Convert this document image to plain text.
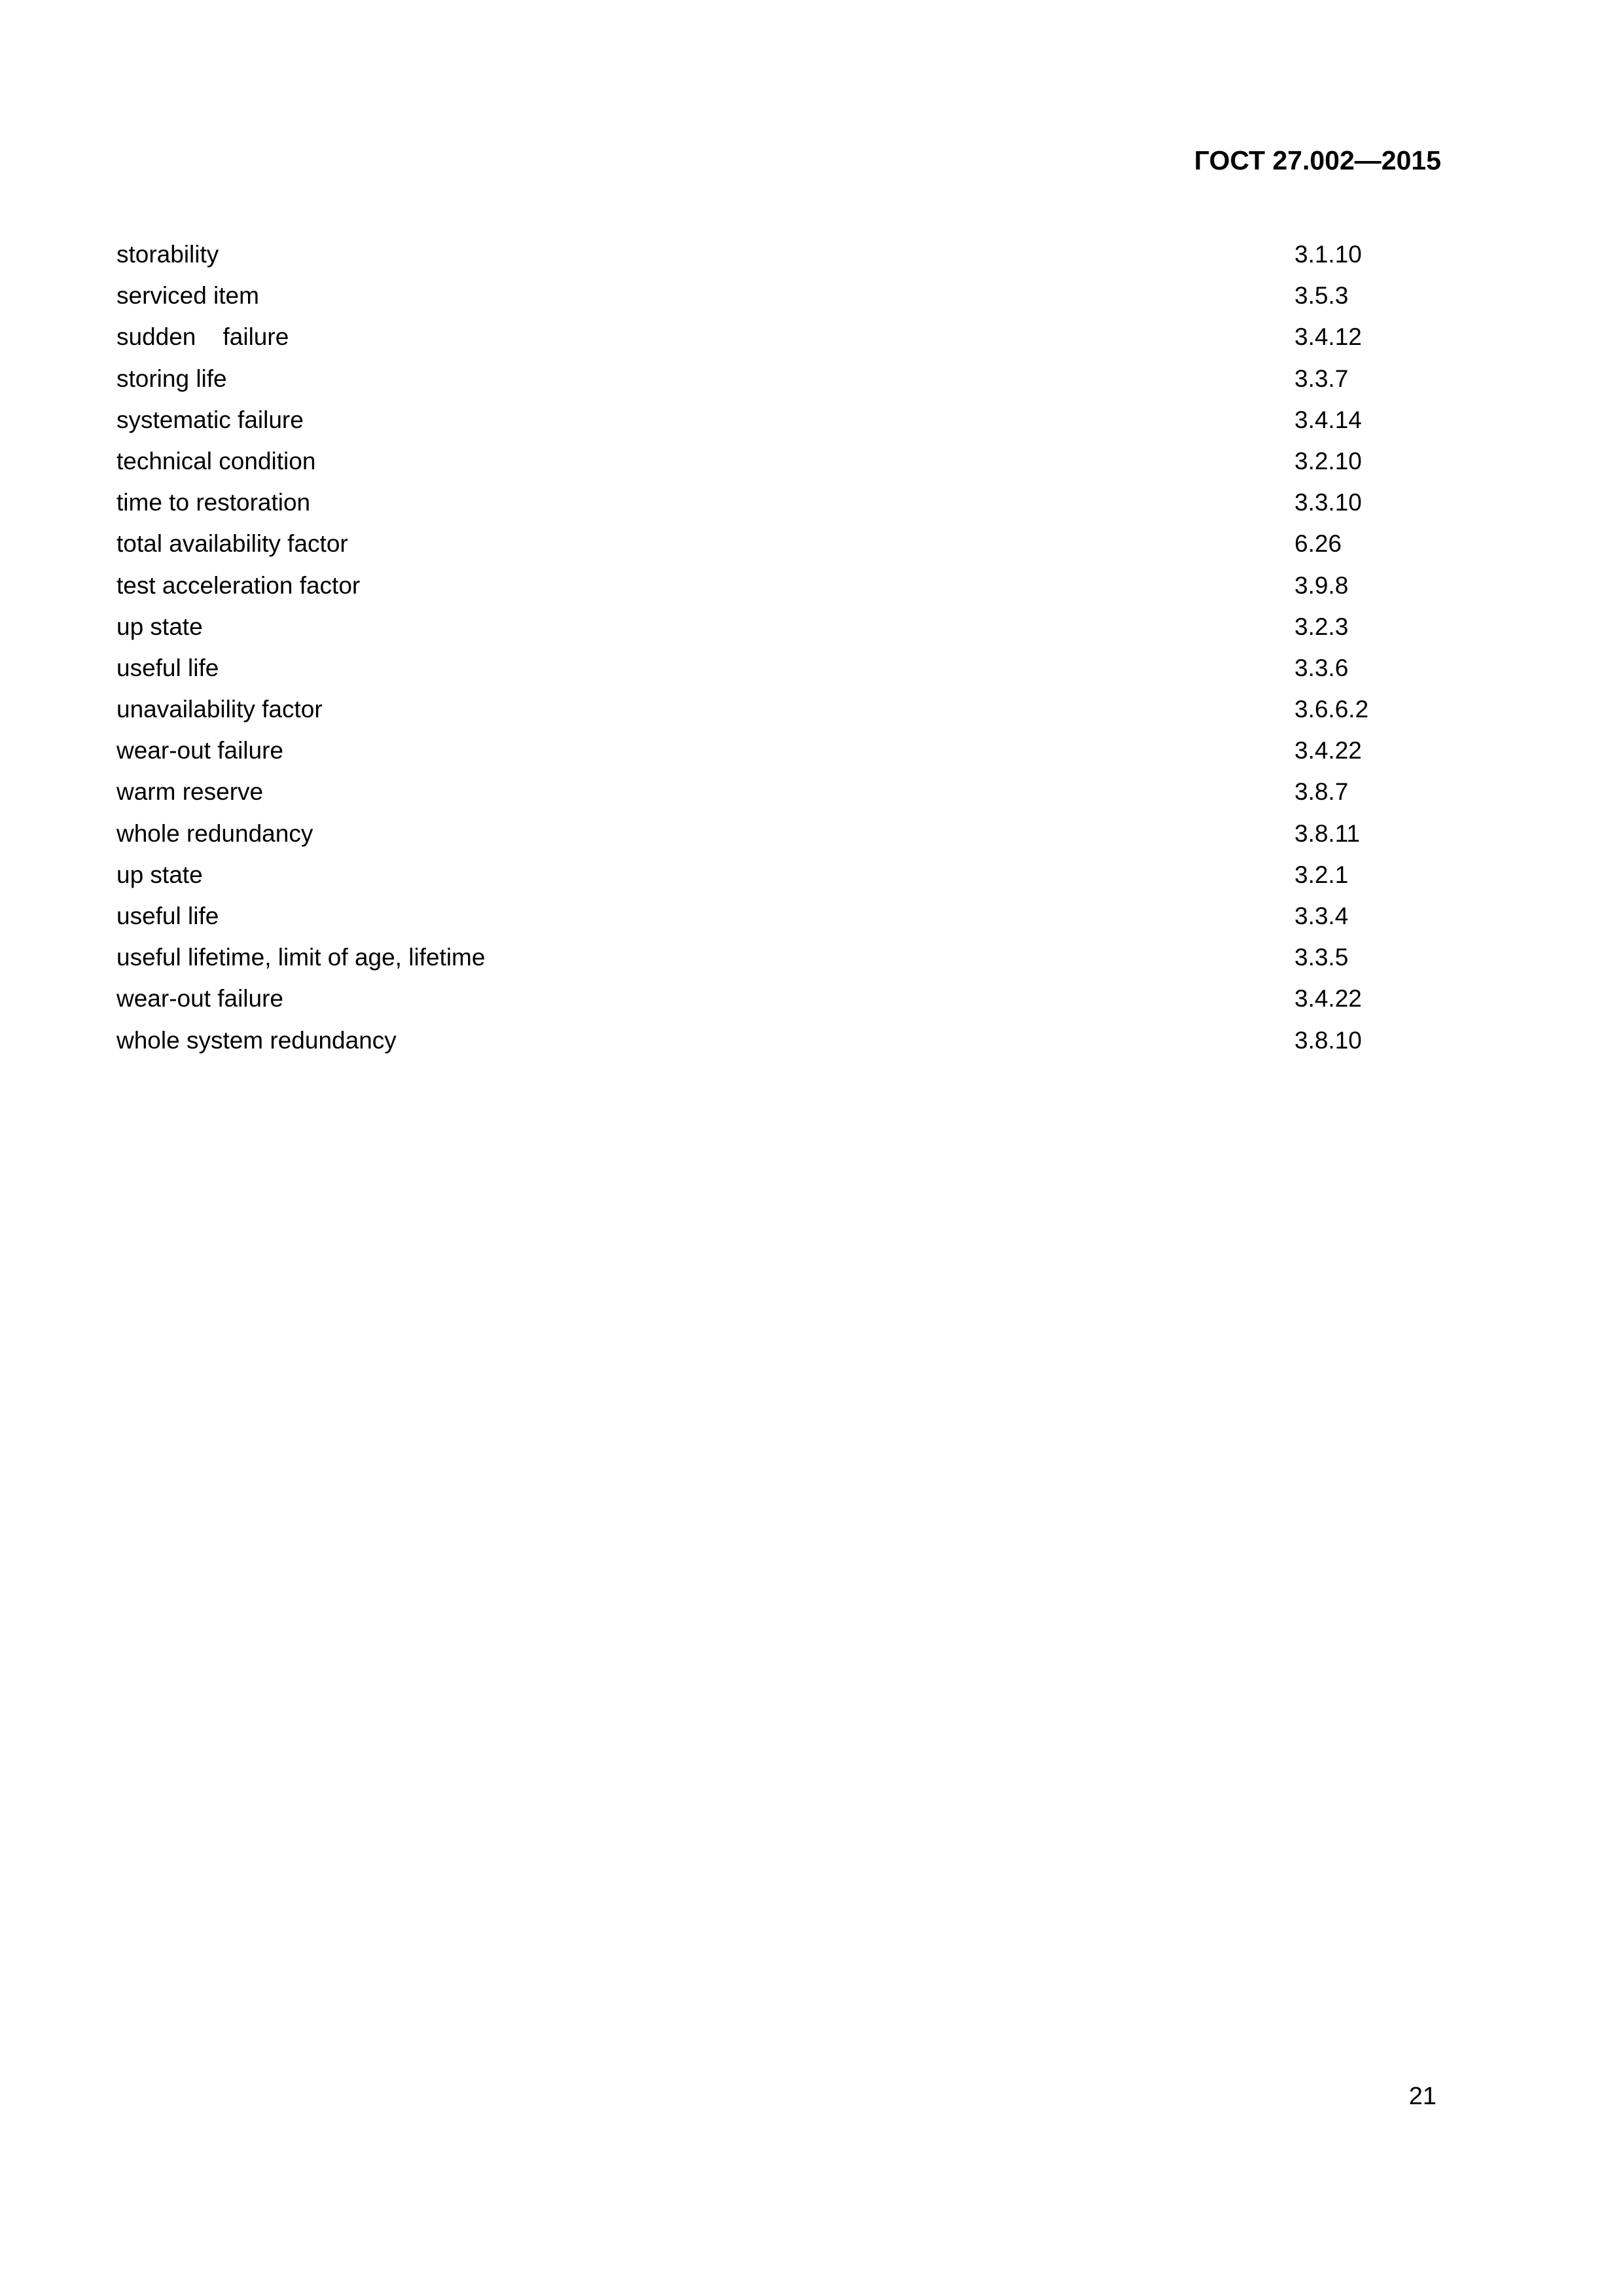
ГОСТ 27.002—2015
storability	3.1.10
serviced item	3.5.3
sudden    failure	3.4.12
storing life	3.3.7
systematic failure	3.4.14
technical condition	3.2.10
time to restoration	3.3.10
total availability factor	6.26
test acceleration factor	3.9.8
up state	3.2.3
useful life	3.3.6
unavailability factor	3.6.6.2
wear-out failure	3.4.22
warm reserve	3.8.7
whole redundancy	3.8.11
up state	3.2.1
useful life	3.3.4
useful lifetime, limit of age, lifetime	3.3.5
wear-out failure	3.4.22
whole system redundancy	3.8.10
21
